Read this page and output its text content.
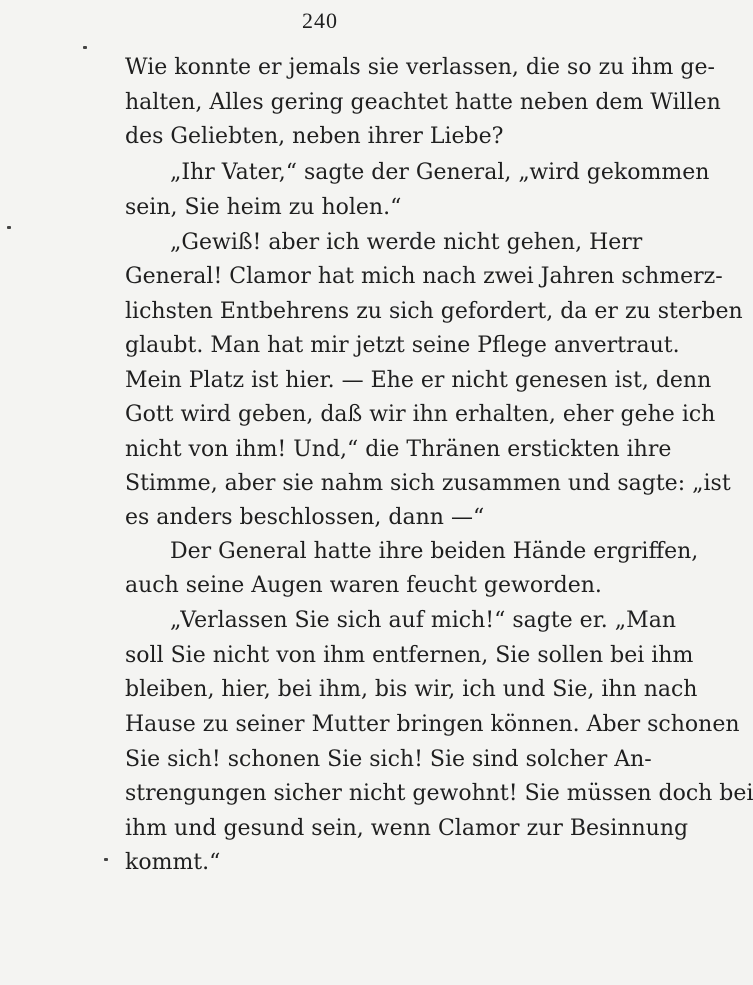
240
Wie konnte er jemals sie verlassen, die so zu ihm ge-
halten, Alles gering geachtet hatte neben dem Willen
des Geliebten, neben ihrer Liebe?
„Ihr Vater,“ sagte der General, „wird gekommen
sein, Sie heim zu holen.“
„Gewiß! aber ich werde nicht gehen, Herr
General! Clamor hat mich nach zwei Jahren schmerz-
lichsten Entbehrens zu sich gefordert, da er zu sterben
glaubt. Man hat mir jetzt seine Pflege anvertraut.
Mein Platz ist hier. — Ehe er nicht genesen ist, denn
Gott wird geben, daß wir ihn erhalten, eher gehe ich
nicht von ihm! Und,“ die Thränen erstickten ihre
Stimme, aber sie nahm sich zusammen und sagte: „ist
es anders beschlossen, dann —“
Der General hatte ihre beiden Hände ergriffen,
auch seine Augen waren feucht geworden.
„Verlassen Sie sich auf mich!“ sagte er. „Man
soll Sie nicht von ihm entfernen, Sie sollen bei ihm
bleiben, hier, bei ihm, bis wir, ich und Sie, ihn nach
Hause zu seiner Mutter bringen können. Aber schonen
Sie sich! schonen Sie sich! Sie sind solcher An-
strengungen sicher nicht gewohnt! Sie müssen doch bei
ihm und gesund sein, wenn Clamor zur Besinnung
kommt.“
